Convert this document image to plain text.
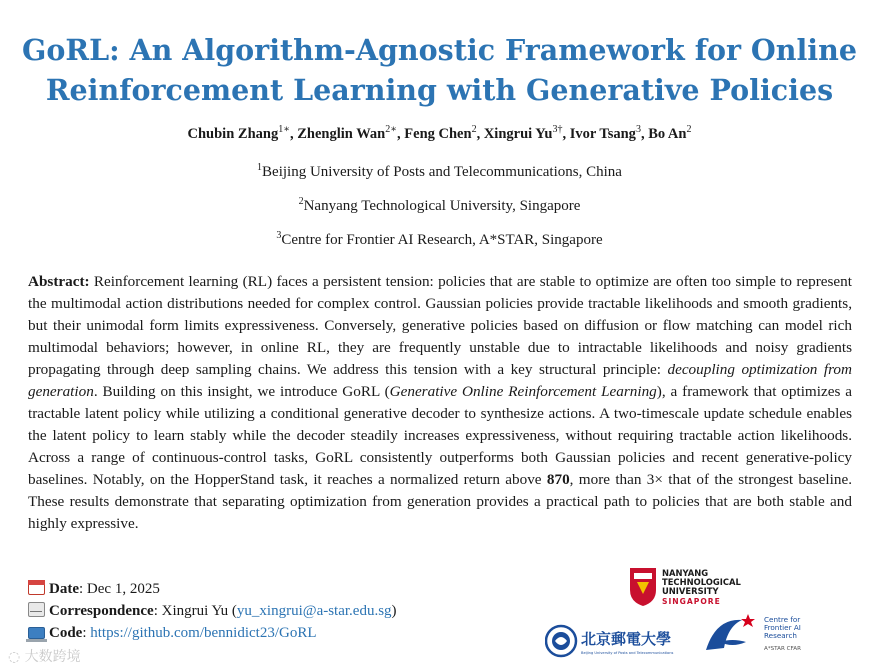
GoRL: An Algorithm-Agnostic Framework for Online
Reinforcement Learning with Generative Policies
Chubin Zhang$^{1∗}$, Zhenglin Wan$^{2∗}$, Feng Chen$^2$, Xingrui $Yu^{3\dagger}$, Ivor Tsang$^3$, Bo An$^2$
$^1$Beijing University of Posts and Telecommunications, China
$^2$Nanyang Technological University, Singapore
$^3$Centre for Frontier AI Research, A*STAR, Singapore
Abstract: Reinforcement learning (RL) faces a persistent tension: policies that are stable to optimize are often too simple to represent the multimodal action distributions needed for complex control. Gaussian policies provide tractable likelihoods and smooth gradients, but their unimodal form limits expressiveness. Conversely, generative policies based on diffusion or flow matching can model rich multimodal behaviors; however, in online RL, they are frequently unstable due to intractable likelihoods and noisy gradients propagating through deep sampling chains. We address this tension with a key structural principle: decoupling optimization from generation. Building on this insight, we introduce GoRL (Generative Online Reinforcement Learning), a framework that optimizes a tractable latent policy while utilizing a conditional generative decoder to synthesize actions. A two-timescale update schedule enables the latent policy to learn stably while the decoder steadily increases expressiveness, without requiring tractable action likelihoods. Across a range of continuous-control tasks, GoRL consistently outperforms both Gaussian policies and recent generative-policy baselines. Notably, on the HopperStand task, it reaches a normalized return above 870, more than 3× that of the strongest baseline. These results demonstrate that separating optimization from generation provides a practical path to policies that are both stable and highly expressive.
Date: Dec 1, 2025
Correspondence: Xingrui Yu (yu_xingrui@a-star.edu.sg)
Code: https://github.com/bennidict23/GoRL
NANYANG
TECHNOLOGICAL
UNIVERSITY
SINGAPORE
北京郵電大學
Beijing University of Posts and Telecommunications
Centre for
Frontier AI
Research
A*STAR CFAR
◌ 大数跨境
